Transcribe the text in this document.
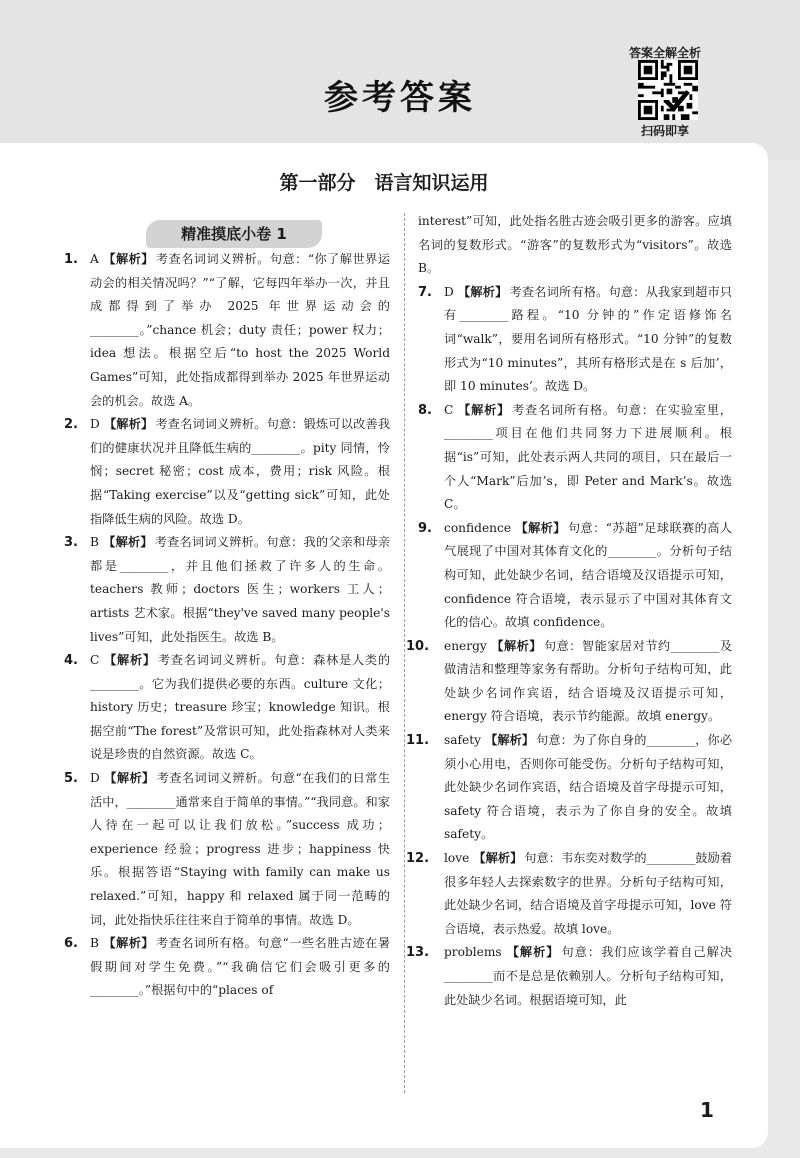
参考答案
答案全解全析
扫码即享
第一部分　语言知识运用
精准摸底小卷 1
1. A 【解析】 考查名词词义辨析。句意：“你了解世界运动会的相关情况吗？”“了解，它每四年举办一次，并且成都得到了举办 2025 年世界运动会的________。”chance 机会；duty 责任；power 权力；idea 想法。根据空后“to host the 2025 World Games”可知，此处指成都得到举办 2025 年世界运动会的机会。故选 A。
2. D 【解析】 考查名词词义辨析。句意：锻炼可以改善我们的健康状况并且降低生病的________。pity 同情，怜悯；secret 秘密；cost 成本，费用；risk 风险。根据“Taking exercise”以及“getting sick”可知，此处指降低生病的风险。故选 D。
3. B 【解析】 考查名词词义辨析。句意：我的父亲和母亲都是________，并且他们拯救了许多人的生命。teachers 教师；doctors 医生；workers 工人；artists 艺术家。根据“they've saved many people's lives”可知，此处指医生。故选 B。
4. C 【解析】 考查名词词义辨析。句意：森林是人类的________。它为我们提供必要的东西。culture 文化；history 历史；treasure 珍宝；knowledge 知识。根据空前“The forest”及常识可知，此处指森林对人类来说是珍贵的自然资源。故选 C。
5. D 【解析】 考查名词词义辨析。句意“在我们的日常生活中，________通常来自于简单的事情。”“我同意。和家人待在一起可以让我们放松。”success 成功；experience 经验；progress 进步；happiness 快乐。根据答语“Staying with family can make us relaxed.”可知，happy 和 relaxed 属于同一范畴的词，此处指快乐往往来自于简单的事情。故选 D。
6. B 【解析】 考查名词所有格。句意“一些名胜古迹在暑假期间对学生免费。”“我确信它们会吸引更多的________。”根据句中的“places of
interest”可知，此处指名胜古迹会吸引更多的游客。应填名词的复数形式。“游客”的复数形式为“visitors”。故选 B。
7. D 【解析】 考查名词所有格。句意：从我家到超市只有________路程。“10 分钟的”作定语修饰名词“walk”，要用名词所有格形式。“10 分钟”的复数形式为“10 minutes”，其所有格形式是在 s 后加’，即 10 minutes’。故选 D。
8. C 【解析】 考查名词所有格。句意：在实验室里，________项目在他们共同努力下进展顺利。根据“is”可知，此处表示两人共同的项目，只在最后一个人“Mark”后加’s，即 Peter and Mark’s。故选 C。
9. confidence 【解析】 句意：“苏超”足球联赛的高人气展现了中国对其体育文化的________。分析句子结构可知，此处缺少名词，结合语境及汉语提示可知，confidence 符合语境，表示显示了中国对其体育文化的信心。故填 confidence。
10. energy 【解析】 句意：智能家居对节约________及做清洁和整理等家务有帮助。分析句子结构可知，此处缺少名词作宾语，结合语境及汉语提示可知，energy 符合语境，表示节约能源。故填 energy。
11. safety 【解析】 句意：为了你自身的________，你必须小心用电，否则你可能受伤。分析句子结构可知，此处缺少名词作宾语，结合语境及首字母提示可知，safety 符合语境，表示为了你自身的安全。故填 safety。
12. love 【解析】 句意：韦东奕对数学的________鼓励着很多年轻人去探索数字的世界。分析句子结构可知，此处缺少名词，结合语境及首字母提示可知，love 符合语境，表示热爱。故填 love。
13. problems 【解析】 句意：我们应该学着自己解决________而不是总是依赖别人。分析句子结构可知，此处缺少名词。根据语境可知，此
1
